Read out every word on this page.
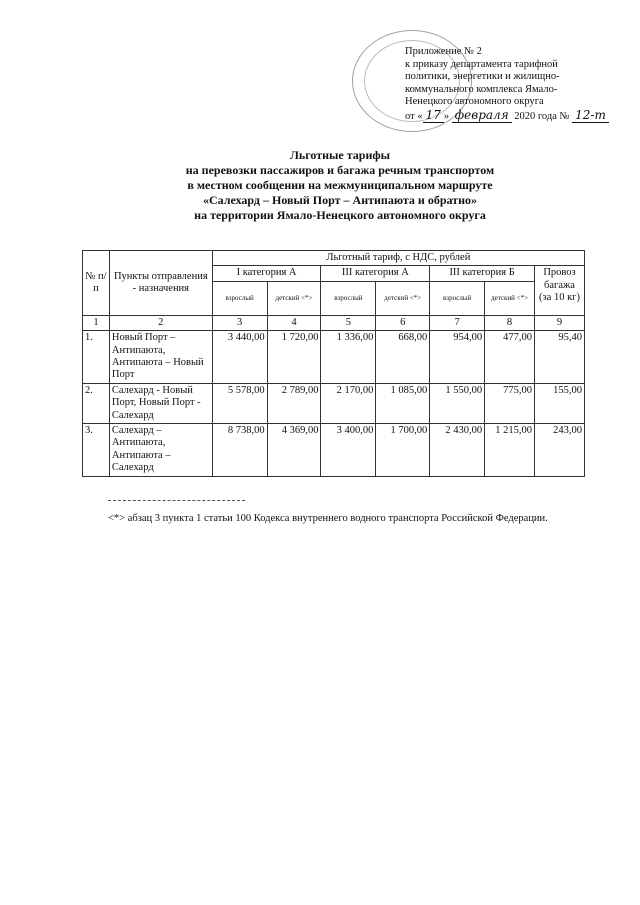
Приложение № 2
к приказу департамента тарифной
политики, энергетики и жилищно-
коммунального комплекса Ямало-
Ненецкого автономного округа
от « 17 » февраля 2020 года № 12-т
Льготные тарифы
на перевозки пассажиров и багажа речным транспортом
в местном сообщении на межмуниципальном маршруте
«Салехард – Новый Порт – Антипаюта и обратно»
на территории Ямало-Ненецкого автономного округа
№ п/п	Пункты отправления - назначения	Льготный тариф, с НДС, рублей						
		I категория А		III категория А		III категория Б		Провоз багажа (за 10 кг)
		взрослый	детский <*>	взрослый	детский <*>	взрослый	детский <*>	
1	2	3	4	5	6	7	8	9
1.	Новый Порт – Антипаюта, Антипаюта – Новый Порт	3 440,00	1 720,00	1 336,00	668,00	954,00	477,00	95,40
2.	Салехард - Новый Порт, Новый Порт - Салехард	5 578,00	2 789,00	2 170,00	1 085,00	1 550,00	775,00	155,00
3.	Салехард – Антипаюта, Антипаюта – Салехард	8 738,00	4 369,00	3 400,00	1 700,00	2 430,00	1 215,00	243,00
<*> абзац 3 пункта 1 статьи 100 Кодекса внутреннего водного транспорта Российской Федерации.
